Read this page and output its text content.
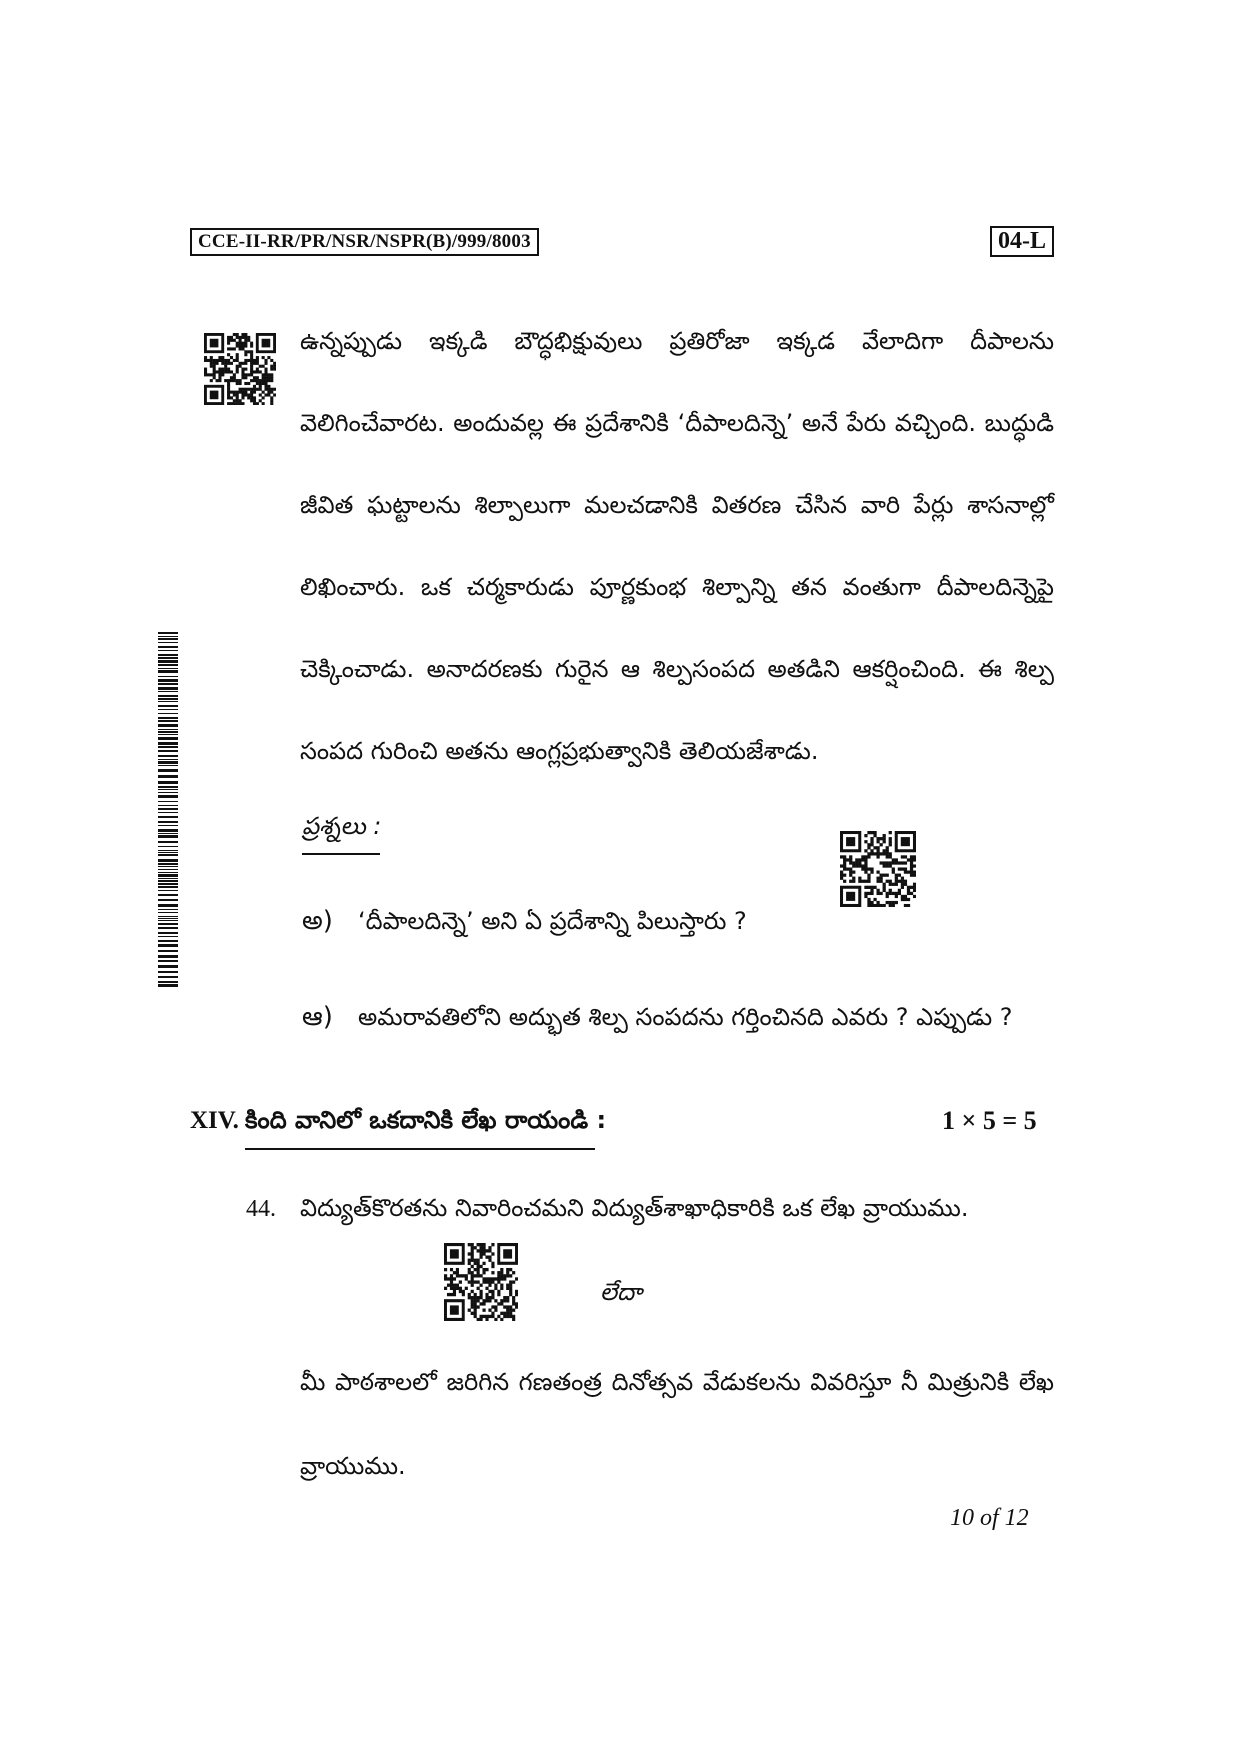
CCE-II-RR/PR/NSR/NSPR(B)/999/8003	04-L
ఉన్నప్పుడు ఇక్కడి బౌద్ధభిక్షువులు ప్రతిరోజా ఇక్కడ వేలాదిగా దీపాలను వెలిగించేవారట. అందువల్ల ఈ ప్రదేశానికి ‘దీపాలదిన్నె’ అనే పేరు వచ్చింది. బుద్ధుడి జీవిత ఘట్టాలను శిల్పాలుగా మలచడానికి వితరణ చేసిన వారి పేర్లు శాసనాల్లో లిఖించారు. ఒక చర్మకారుడు పూర్ణకుంభ శిల్పాన్ని తన వంతుగా దీపాలదిన్నెపై చెక్కించాడు. అనాదరణకు గురైన ఆ శిల్పసంపద అతడిని ఆకర్షించింది. ఈ శిల్ప సంపద గురించి అతను ఆంగ్లప్రభుత్వానికి తెలియజేశాడు.
ప్రశ్నలు :
అ) ‘దీపాలదిన్నె’ అని ఏ ప్రదేశాన్ని పిలుస్తారు ?
ఆ) అమరావతిలోని అద్భుత శిల్ప సంపదను గర్తించినది ఎవరు ? ఎప్పుడు ?
XIV. కింది వానిలో ఒకదానికి లేఖ రాయండి :	1 × 5 = 5
44. విద్యుత్‌కొరతను నివారించమని విద్యుత్‌శాఖాధికారికి ఒక లేఖ వ్రాయుము.
లేదా
మీ పాఠశాలలో జరిగిన గణతంత్ర దినోత్సవ వేడుకలను వివరిస్తూ నీ మిత్రునికి లేఖ వ్రాయుము.
10 of 12
